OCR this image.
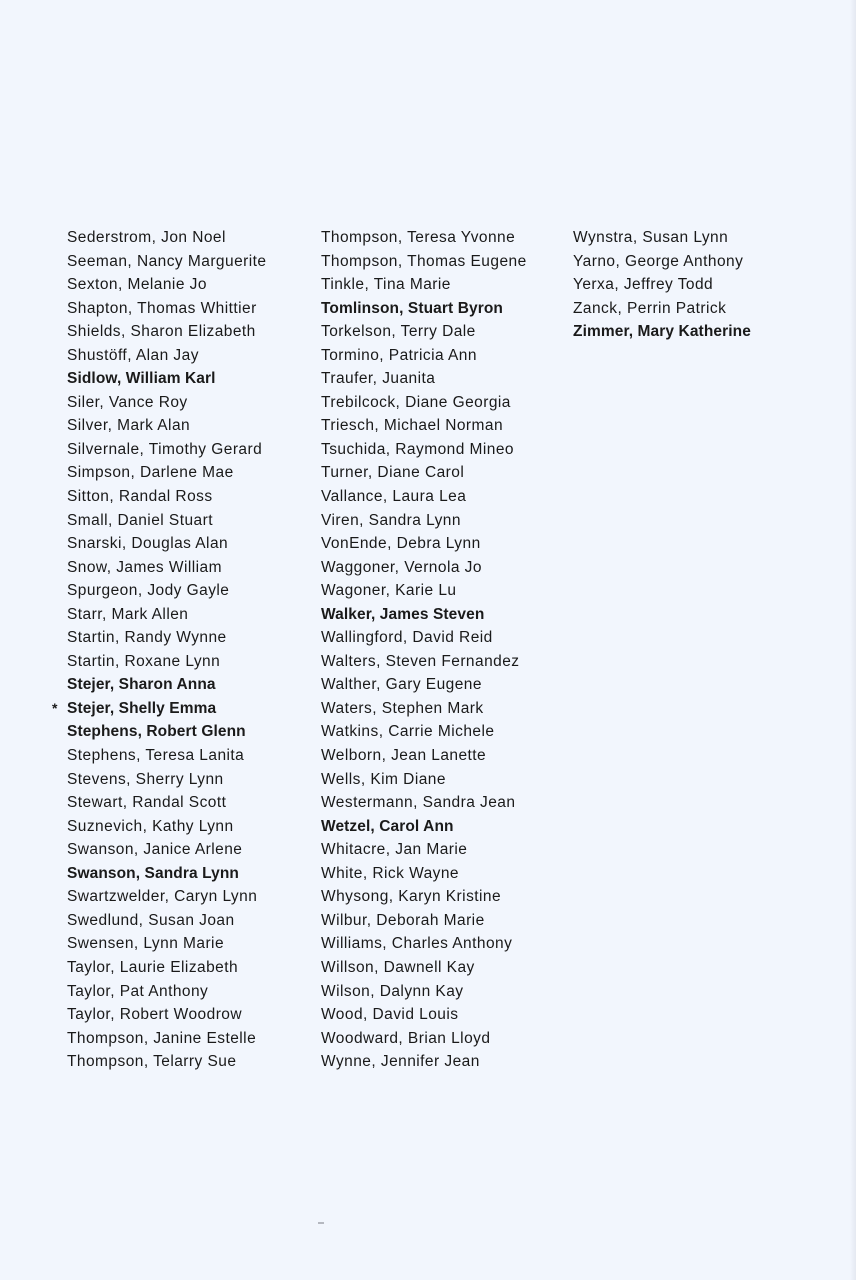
Sederstrom, Jon Noel
Seeman, Nancy Marguerite
Sexton, Melanie Jo
Shapton, Thomas Whittier
Shields, Sharon Elizabeth
Shustöff, Alan Jay
Sidlow, William Karl
Siler, Vance Roy
Silver, Mark Alan
Silvernale, Timothy Gerard
Simpson, Darlene Mae
Sitton, Randal Ross
Small, Daniel Stuart
Snarski, Douglas Alan
Snow, James William
Spurgeon, Jody Gayle
Starr, Mark Allen
Startin, Randy Wynne
Startin, Roxane Lynn
Stejer, Sharon Anna
* Stejer, Shelly Emma
Stephens, Robert Glenn
Stephens, Teresa Lanita
Stevens, Sherry Lynn
Stewart, Randal Scott
Suznevich, Kathy Lynn
Swanson, Janice Arlene
Swanson, Sandra Lynn
Swartzwelder, Caryn Lynn
Swedlund, Susan Joan
Swensen, Lynn Marie
Taylor, Laurie Elizabeth
Taylor, Pat Anthony
Taylor, Robert Woodrow
Thompson, Janine Estelle
Thompson, Telarry Sue
Thompson, Teresa Yvonne
Thompson, Thomas Eugene
Tinkle, Tina Marie
Tomlinson, Stuart Byron
Torkelson, Terry Dale
Tormino, Patricia Ann
Traufer, Juanita
Trebilcock, Diane Georgia
Triesch, Michael Norman
Tsuchida, Raymond Mineo
Turner, Diane Carol
Vallance, Laura Lea
Viren, Sandra Lynn
VonEnde, Debra Lynn
Waggoner, Vernola Jo
Wagoner, Karie Lu
Walker, James Steven
Wallingford, David Reid
Walters, Steven Fernandez
Walther, Gary Eugene
Waters, Stephen Mark
Watkins, Carrie Michele
Welborn, Jean Lanette
Wells, Kim Diane
Westermann, Sandra Jean
Wetzel, Carol Ann
Whitacre, Jan Marie
White, Rick Wayne
Whysong, Karyn Kristine
Wilbur, Deborah Marie
Williams, Charles Anthony
Willson, Dawnell Kay
Wilson, Dalynn Kay
Wood, David Louis
Woodward, Brian Lloyd
Wynne, Jennifer Jean
Wynstra, Susan Lynn
Yarno, George Anthony
Yerxa, Jeffrey Todd
Zanck, Perrin Patrick
Zimmer, Mary Katherine
